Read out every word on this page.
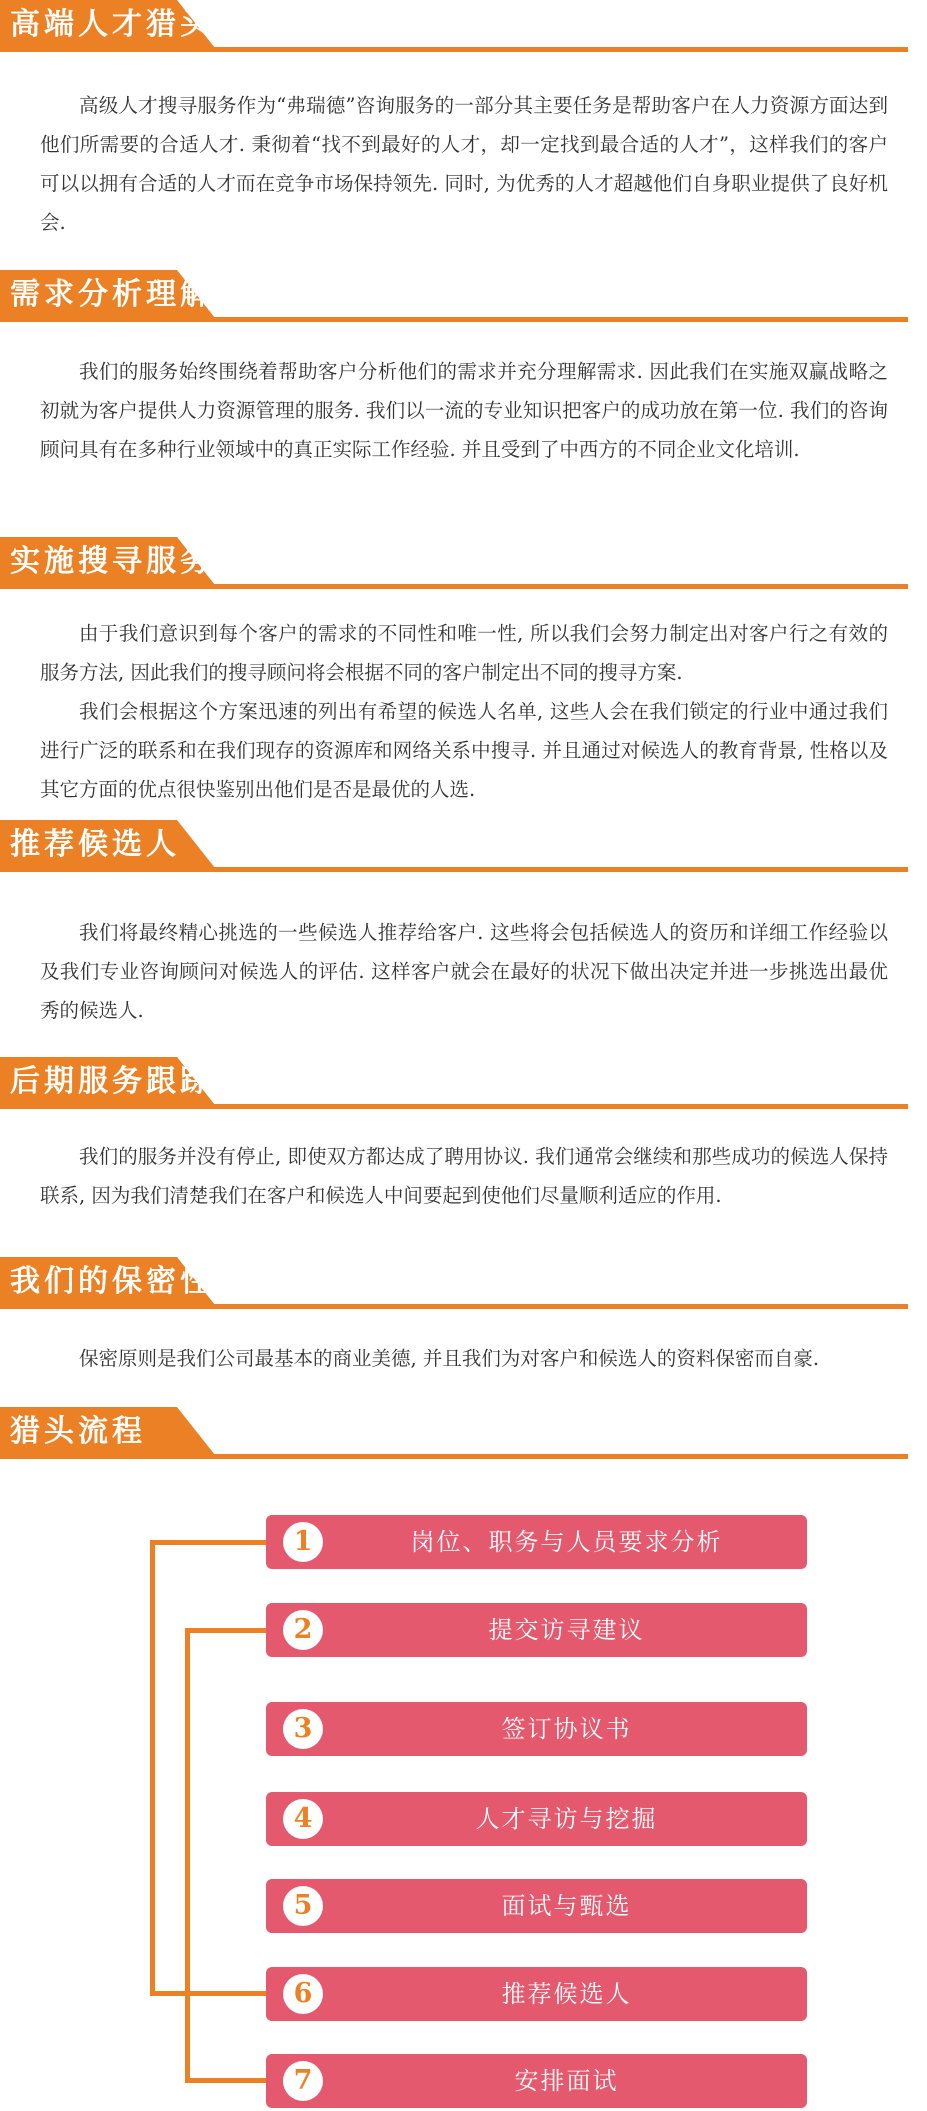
高端人才猎头

高级人才搜寻服务作为“弗瑞德”咨询服务的一部分其主要任务是帮助客户在人力资源方面达到他们所需要的合适人才. 秉彻着“找不到最好的人才，却一定找到最合适的人才”，这样我们的客户可以以拥有合适的人才而在竞争市场保持领先. 同时, 为优秀的人才超越他们自身职业提供了良好机会.

需求分析理解

我们的服务始终围绕着帮助客户分析他们的需求并充分理解需求. 因此我们在实施双赢战略之初就为客户提供人力资源管理的服务. 我们以一流的专业知识把客户的成功放在第一位. 我们的咨询顾问具有在多种行业领域中的真正实际工作经验. 并且受到了中西方的不同企业文化培训.

实施搜寻服务

由于我们意识到每个客户的需求的不同性和唯一性, 所以我们会努力制定出对客户行之有效的服务方法, 因此我们的搜寻顾问将会根据不同的客户制定出不同的搜寻方案.

我们会根据这个方案迅速的列出有希望的候选人名单, 这些人会在我们锁定的行业中通过我们进行广泛的联系和在我们现存的资源库和网络关系中搜寻. 并且通过对候选人的教育背景, 性格以及其它方面的优点很快鉴别出他们是否是最优的人选.

推荐候选人

我们将最终精心挑选的一些候选人推荐给客户. 这些将会包括候选人的资历和详细工作经验以及我们专业咨询顾问对候选人的评估. 这样客户就会在最好的状况下做出决定并进一步挑选出最优秀的候选人.

后期服务跟踪

我们的服务并没有停止, 即使双方都达成了聘用协议. 我们通常会继续和那些成功的候选人保持联系, 因为我们清楚我们在客户和候选人中间要起到使他们尽量顺利适应的作用.

我们的保密性

保密原则是我们公司最基本的商业美德, 并且我们为对客户和候选人的资料保密而自豪.

猎头流程
1	岗位、职务与人员要求分析
2	提交访寻建议
3	签订协议书
4	人才寻访与挖掘
5	面试与甄选
6	推荐候选人
7	安排面试
